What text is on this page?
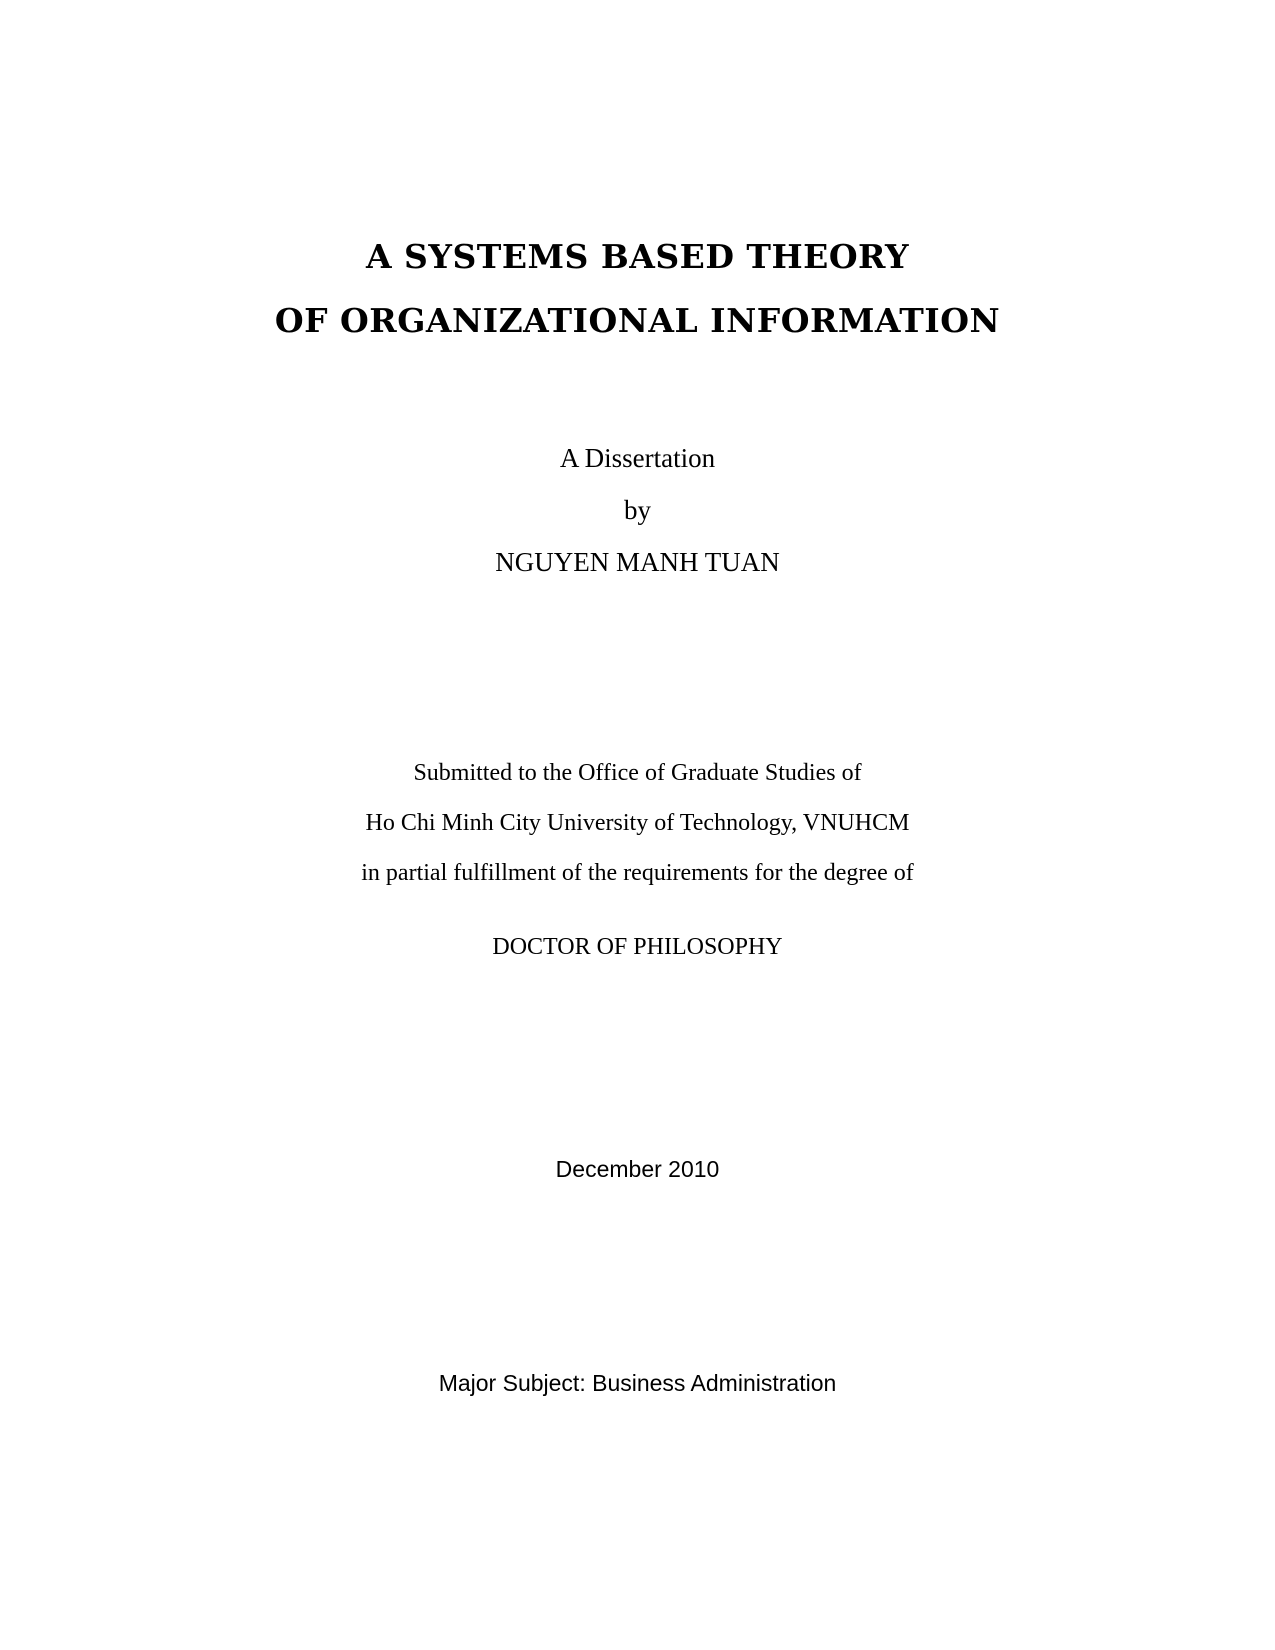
A SYSTEMS BASED THEORY
OF ORGANIZATIONAL INFORMATION
A Dissertation
by
NGUYEN MANH TUAN
Submitted to the Office of Graduate Studies of
Ho Chi Minh City University of Technology, VNUHCM
in partial fulfillment of the requirements for the degree of
DOCTOR OF PHILOSOPHY
December 2010
Major Subject: Business Administration
